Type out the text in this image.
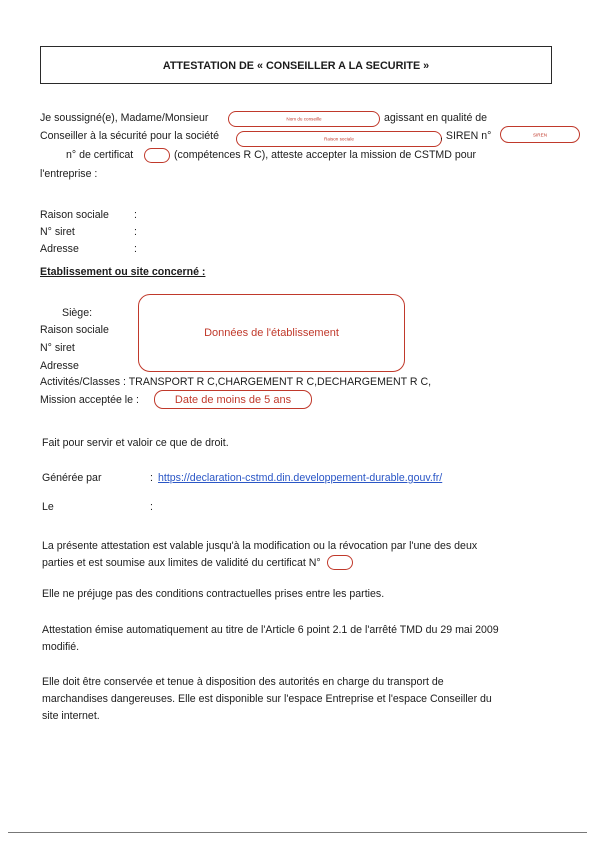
ATTESTATION DE « CONSEILLER A LA SECURITE »
Je soussigné(e), Madame/Monsieur	Nom du conseille	agissant en qualité de
Conseiller à la sécurité pour la société	Raison sociale	, SIREN n°	SIREN
n° de certificat	(compétences R C), atteste accepter la mission de CSTMD pour
l'entreprise :
Raison sociale :
N° siret	:
Adresse	:
Etablissement ou site concerné :
Siège:
Raison sociale
N° siret
Adresse
Données de l'établissement
Activités/Classes : TRANSPORT R C,CHARGEMENT R C,DECHARGEMENT R C,
Mission acceptée le :	Date de moins de 5 ans
Fait pour servir et valoir ce que de droit.
Générée par	: https://declaration-cstmd.din.developpement-durable.gouv.fr/
Le	:
La présente attestation est valable jusqu'à la modification ou la révocation par l'une des deux
parties et est soumise aux limites de validité du certificat N°
Elle ne préjuge pas des conditions contractuelles prises entre les parties.
Attestation émise automatiquement au titre de l'Article 6 point 2.1 de l'arrêté TMD du 29 mai 2009
modifié.
Elle doit être conservée et tenue à disposition des autorités en charge du transport de
marchandises dangereuses. Elle est disponible sur l'espace Entreprise et l'espace Conseiller du
site internet.
